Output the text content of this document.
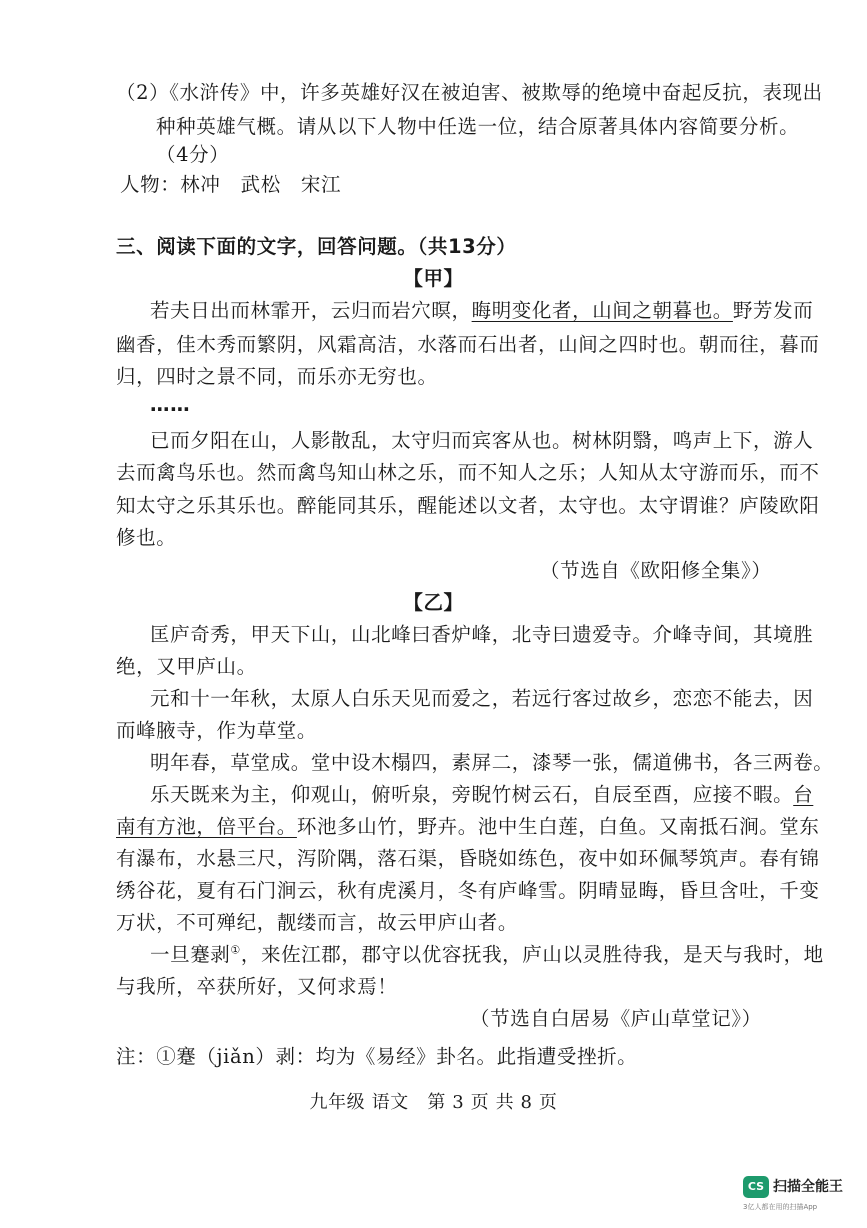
（2）《水浒传》中，许多英雄好汉在被迫害、被欺辱的绝境中奋起反抗，表现出
种种英雄气概。请从以下人物中任选一位，结合原著具体内容简要分析。
（4分）
人物：林冲　武松　宋江
三、阅读下面的文字，回答问题。（共13分）
【甲】
若夫日出而林霏开，云归而岩穴暝，晦明变化者，山间之朝暮也。野芳发而
幽香，佳木秀而繁阴，风霜高洁，水落而石出者，山间之四时也。朝而往，暮而
归，四时之景不同，而乐亦无穷也。
……
已而夕阳在山，人影散乱，太守归而宾客从也。树林阴翳，鸣声上下，游人
去而禽鸟乐也。然而禽鸟知山林之乐，而不知人之乐；人知从太守游而乐，而不
知太守之乐其乐也。醉能同其乐，醒能述以文者，太守也。太守谓谁？庐陵欧阳
修也。
（节选自《欧阳修全集》）
【乙】
匡庐奇秀，甲天下山，山北峰曰香炉峰，北寺曰遗爱寺。介峰寺间，其境胜
绝，又甲庐山。
元和十一年秋，太原人白乐天见而爱之，若远行客过故乡，恋恋不能去，因
而峰腋寺，作为草堂。
明年春，草堂成。堂中设木榻四，素屏二，漆琴一张，儒道佛书，各三两卷。
乐天既来为主，仰观山，俯听泉，旁睨竹树云石，自辰至酉，应接不暇。台
南有方池，倍平台。环池多山竹，野卉。池中生白莲，白鱼。又南抵石涧。堂东
有瀑布，水悬三尺，泻阶隅，落石渠，昏晓如练色，夜中如环佩琴筑声。春有锦
绣谷花，夏有石门涧云，秋有虎溪月，冬有庐峰雪。阴晴显晦，昏旦含吐，千变
万状，不可殚纪，靓缕而言，故云甲庐山者。
一旦蹇剥①，来佐江郡，郡守以优容抚我，庐山以灵胜待我，是天与我时，地
与我所，卒获所好，又何求焉！
（节选自白居易《庐山草堂记》）
注：①蹇（jiǎn）剥：均为《易经》卦名。此指遭受挫折。
九年级 语文　第 3 页 共 8 页
CS 扫描全能王
3亿人都在用的扫描App
